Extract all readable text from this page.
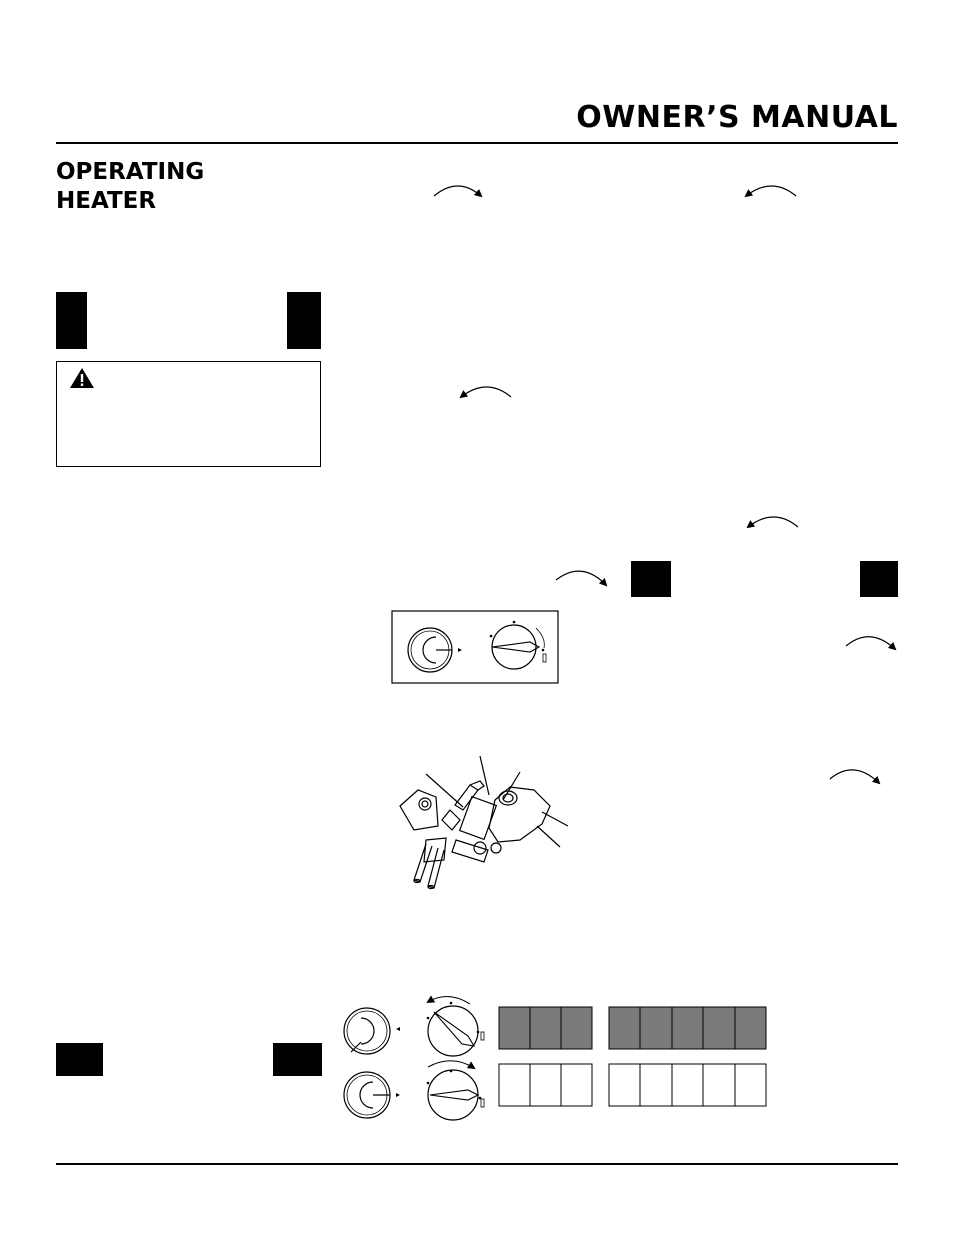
OWNER’S MANUAL
OPERATING
HEATER
